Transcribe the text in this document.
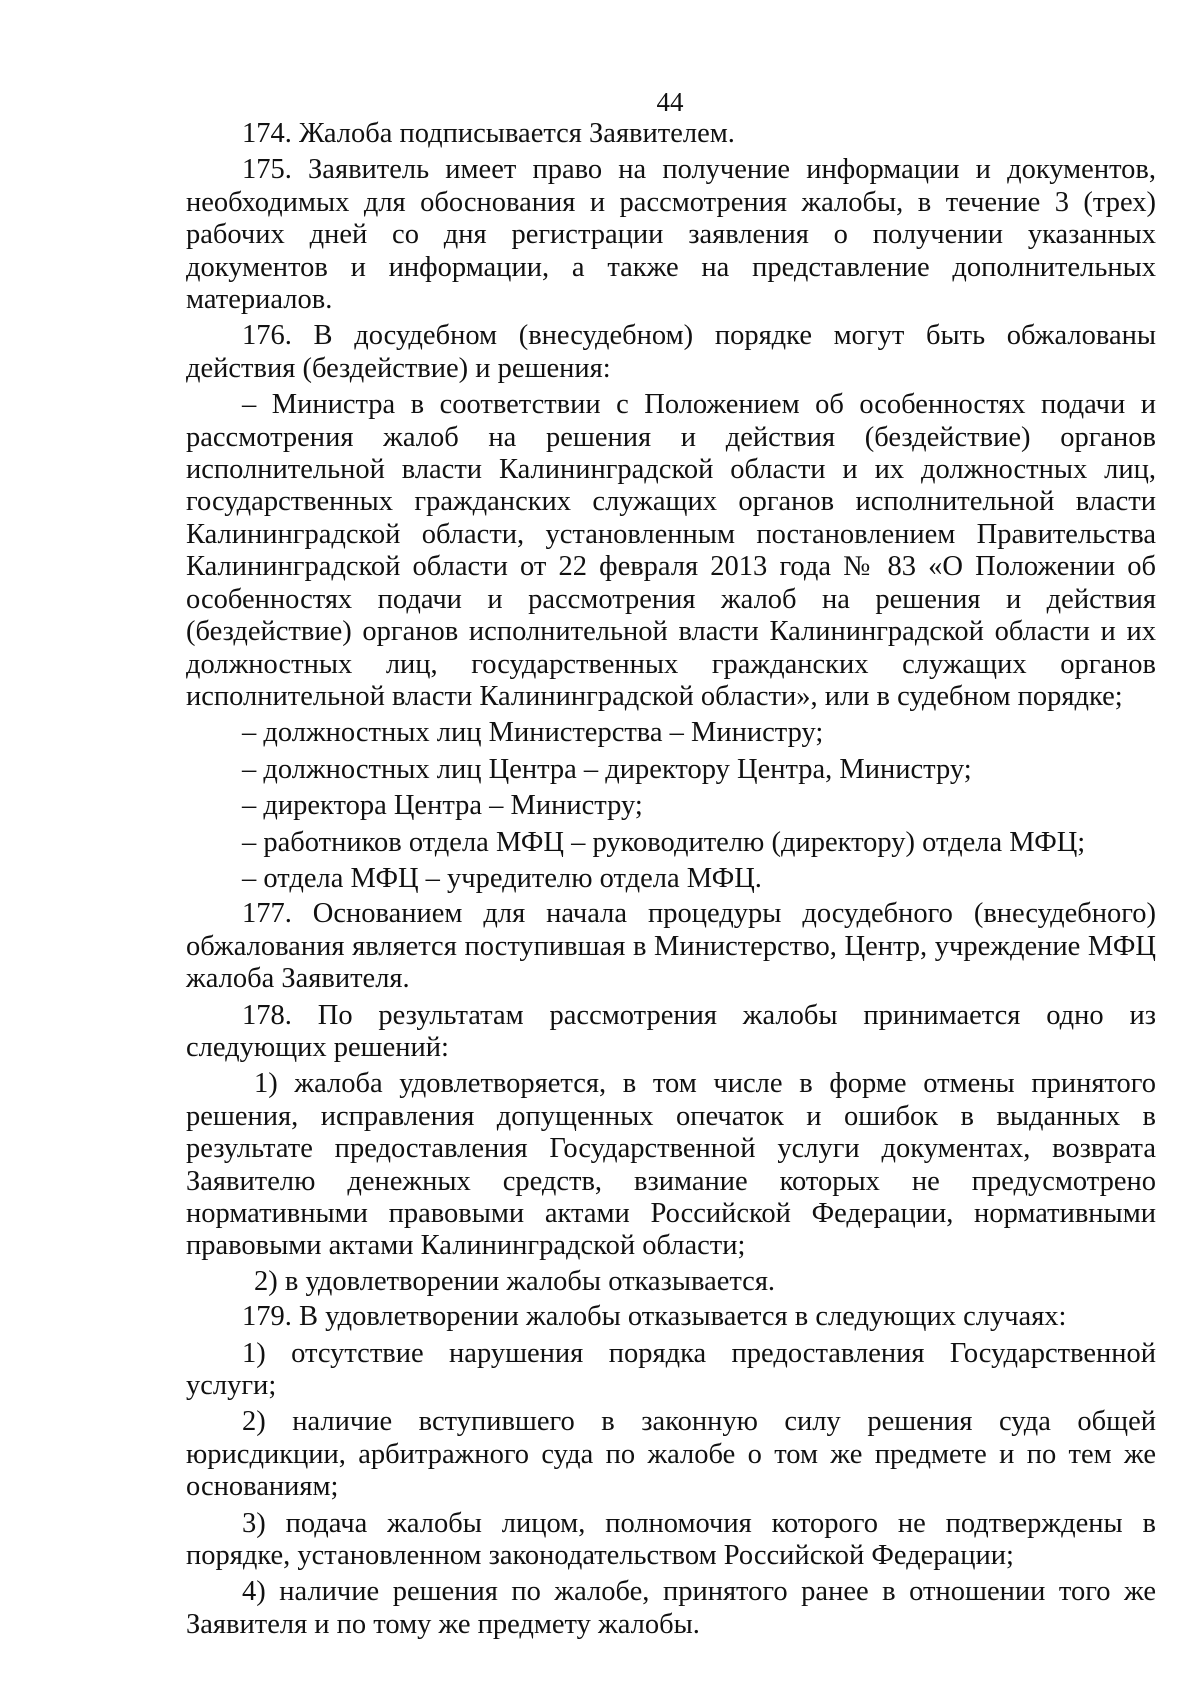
44

174. Жалоба подписывается Заявителем.

175. Заявитель имеет право на получение информации и документов, необходимых для обоснования и рассмотрения жалобы, в течение 3 (трех) рабочих дней со дня регистрации заявления о получении указанных документов и информации, а также на представление дополнительных материалов.

176. В досудебном (внесудебном) порядке могут быть обжалованы действия (бездействие) и решения:

– Министра в соответствии с Положением об особенностях подачи и рассмотрения жалоб на решения и действия (бездействие) органов исполнительной власти Калининградской области и их должностных лиц, государственных гражданских служащих органов исполнительной власти Калининградской области, установленным постановлением Правительства Калининградской области от 22 февраля 2013 года № 83 «О Положении об особенностях подачи и рассмотрения жалоб на решения и действия (бездействие) органов исполнительной власти Калининградской области и их должностных лиц, государственных гражданских служащих органов исполнительной власти Калининградской области», или в судебном порядке;

– должностных лиц Министерства – Министру;

– должностных лиц Центра – директору Центра, Министру;

– директора Центра – Министру;

– работников отдела МФЦ – руководителю (директору) отдела МФЦ;

– отдела МФЦ – учредителю отдела МФЦ.

177. Основанием для начала процедуры досудебного (внесудебного) обжалования является поступившая в Министерство, Центр, учреждение МФЦ жалоба Заявителя.

178. По результатам рассмотрения жалобы принимается одно из следующих решений:

1) жалоба удовлетворяется, в том числе в форме отмены принятого решения, исправления допущенных опечаток и ошибок в выданных в результате предоставления Государственной услуги документах, возврата Заявителю денежных средств, взимание которых не предусмотрено нормативными правовыми актами Российской Федерации, нормативными правовыми актами Калининградской области;

2) в удовлетворении жалобы отказывается.

179. В удовлетворении жалобы отказывается в следующих случаях:

1) отсутствие нарушения порядка предоставления Государственной услуги;

2) наличие вступившего в законную силу решения суда общей юрисдикции, арбитражного суда по жалобе о том же предмете и по тем же основаниям;

3) подача жалобы лицом, полномочия которого не подтверждены в порядке, установленном законодательством Российской Федерации;

4) наличие решения по жалобе, принятого ранее в отношении того же Заявителя и по тому же предмету жалобы.
